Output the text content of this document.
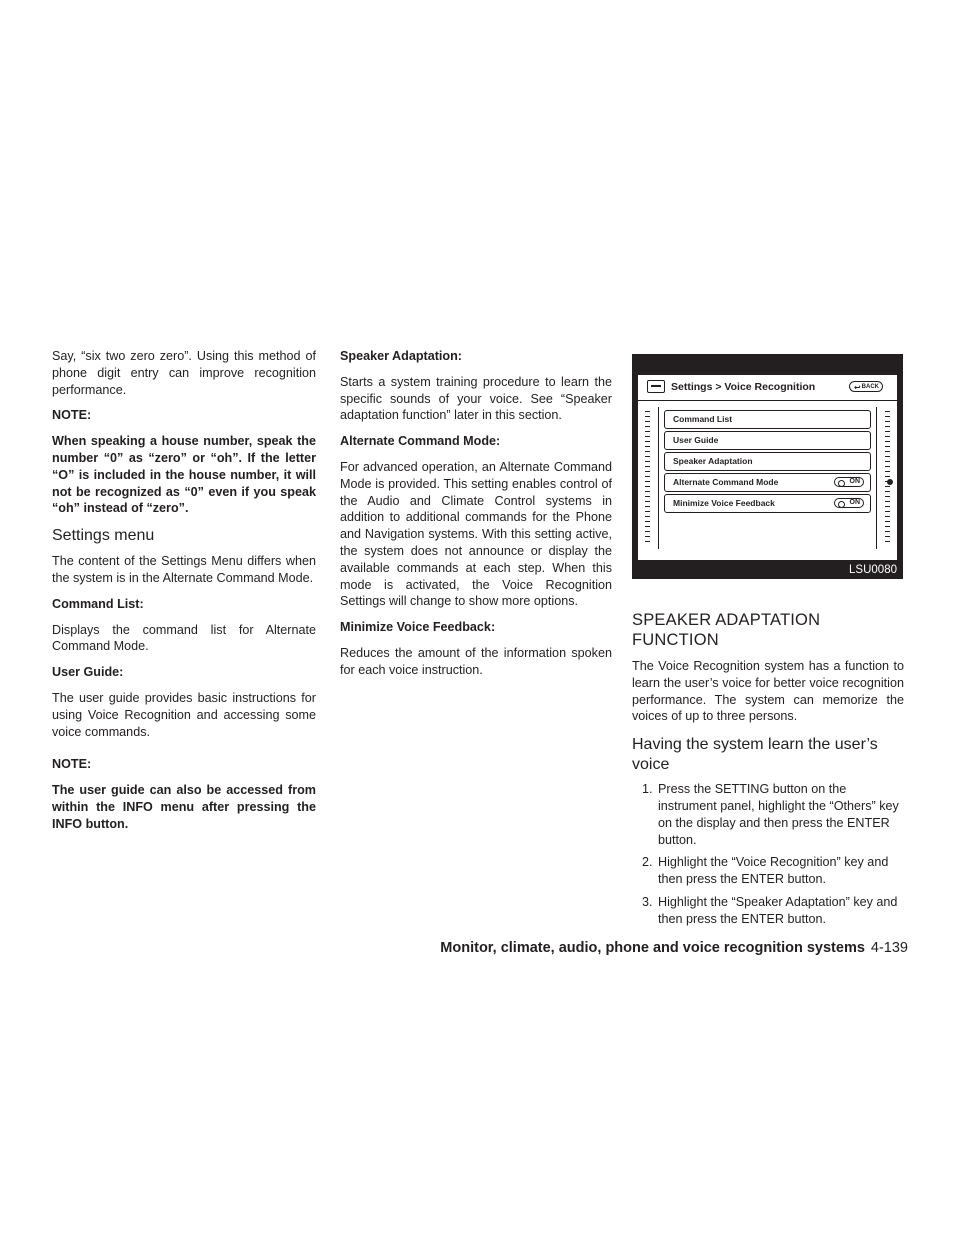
Say, “six two zero zero”. Using this method of phone digit entry can improve recognition performance.

NOTE:
When speaking a house number, speak the number “0” as “zero” or “oh”. If the letter “O” is included in the house number, it will not be recognized as “0” even if you speak “oh” instead of “zero”.
Settings menu

The content of the Settings Menu differs when the system is in the Alternate Command Mode.

Command List:

Displays the command list for Alternate Command Mode.

User Guide:

The user guide provides basic instructions for using Voice Recognition and accessing some voice commands.

NOTE:
The user guide can also be accessed from within the INFO menu after pressing the INFO button.
Speaker Adaptation:

Starts a system training procedure to learn the specific sounds of your voice. See “Speaker adaptation function” later in this section.

Alternate Command Mode:

For advanced operation, an Alternate Command Mode is provided. This setting enables control of the Audio and Climate Control systems in addition to additional commands for the Phone and Navigation systems. With this setting active, the system does not announce or display the available commands at each step. When this mode is activated, the Voice Recognition Settings will change to show more options.

Minimize Voice Feedback:

Reduces the amount of the information spoken for each voice instruction.

Settings > Voice Recognition	↩ BACK
Command List
User Guide
Speaker Adaptation
Alternate Command Mode	ON
Minimize Voice Feedback	ON
LSU0080
SPEAKER ADAPTATION FUNCTION

The Voice Recognition system has a function to learn the user’s voice for better voice recognition performance. The system can memorize the voices of up to three persons.

Having the system learn the user’s voice
1. Press the SETTING button on the instrument panel, highlight the “Others” key on the display and then press the ENTER button.
2. Highlight the “Voice Recognition” key and then press the ENTER button.
3. Highlight the “Speaker Adaptation” key and then press the ENTER button.
Monitor, climate, audio, phone and voice recognition systems 4-139
